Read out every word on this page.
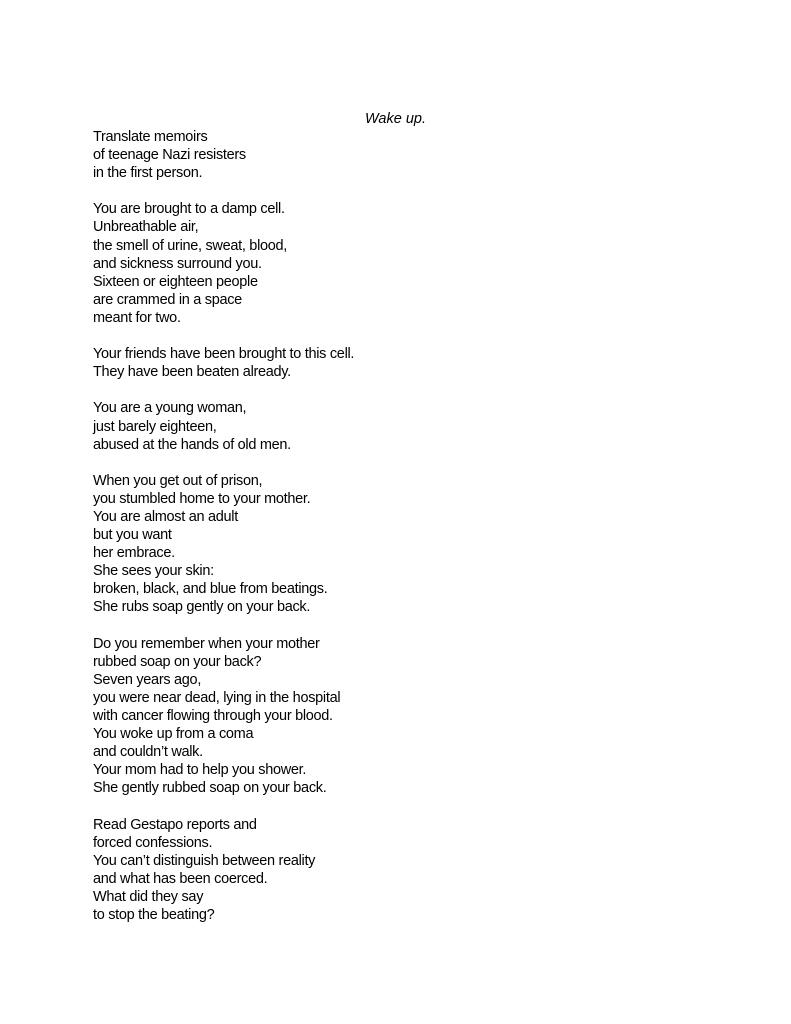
Wake up.
Translate memoirs
of teenage Nazi resisters
in the first person.
You are brought to a damp cell.
Unbreathable air,
the smell of urine, sweat, blood,
and sickness surround you.
Sixteen or eighteen people
are crammed in a space
meant for two.
Your friends have been brought to this cell.
They have been beaten already.
You are a young woman,
just barely eighteen,
abused at the hands of old men.
When you get out of prison,
you stumbled home to your mother.
You are almost an adult
but you want
her embrace.
She sees your skin:
broken, black, and blue from beatings.
She rubs soap gently on your back.
Do you remember when your mother
rubbed soap on your back?
Seven years ago,
you were near dead, lying in the hospital
with cancer flowing through your blood.
You woke up from a coma
and couldn’t walk.
Your mom had to help you shower.
She gently rubbed soap on your back.
Read Gestapo reports and
forced confessions.
You can’t distinguish between reality
and what has been coerced.
What did they say
to stop the beating?
